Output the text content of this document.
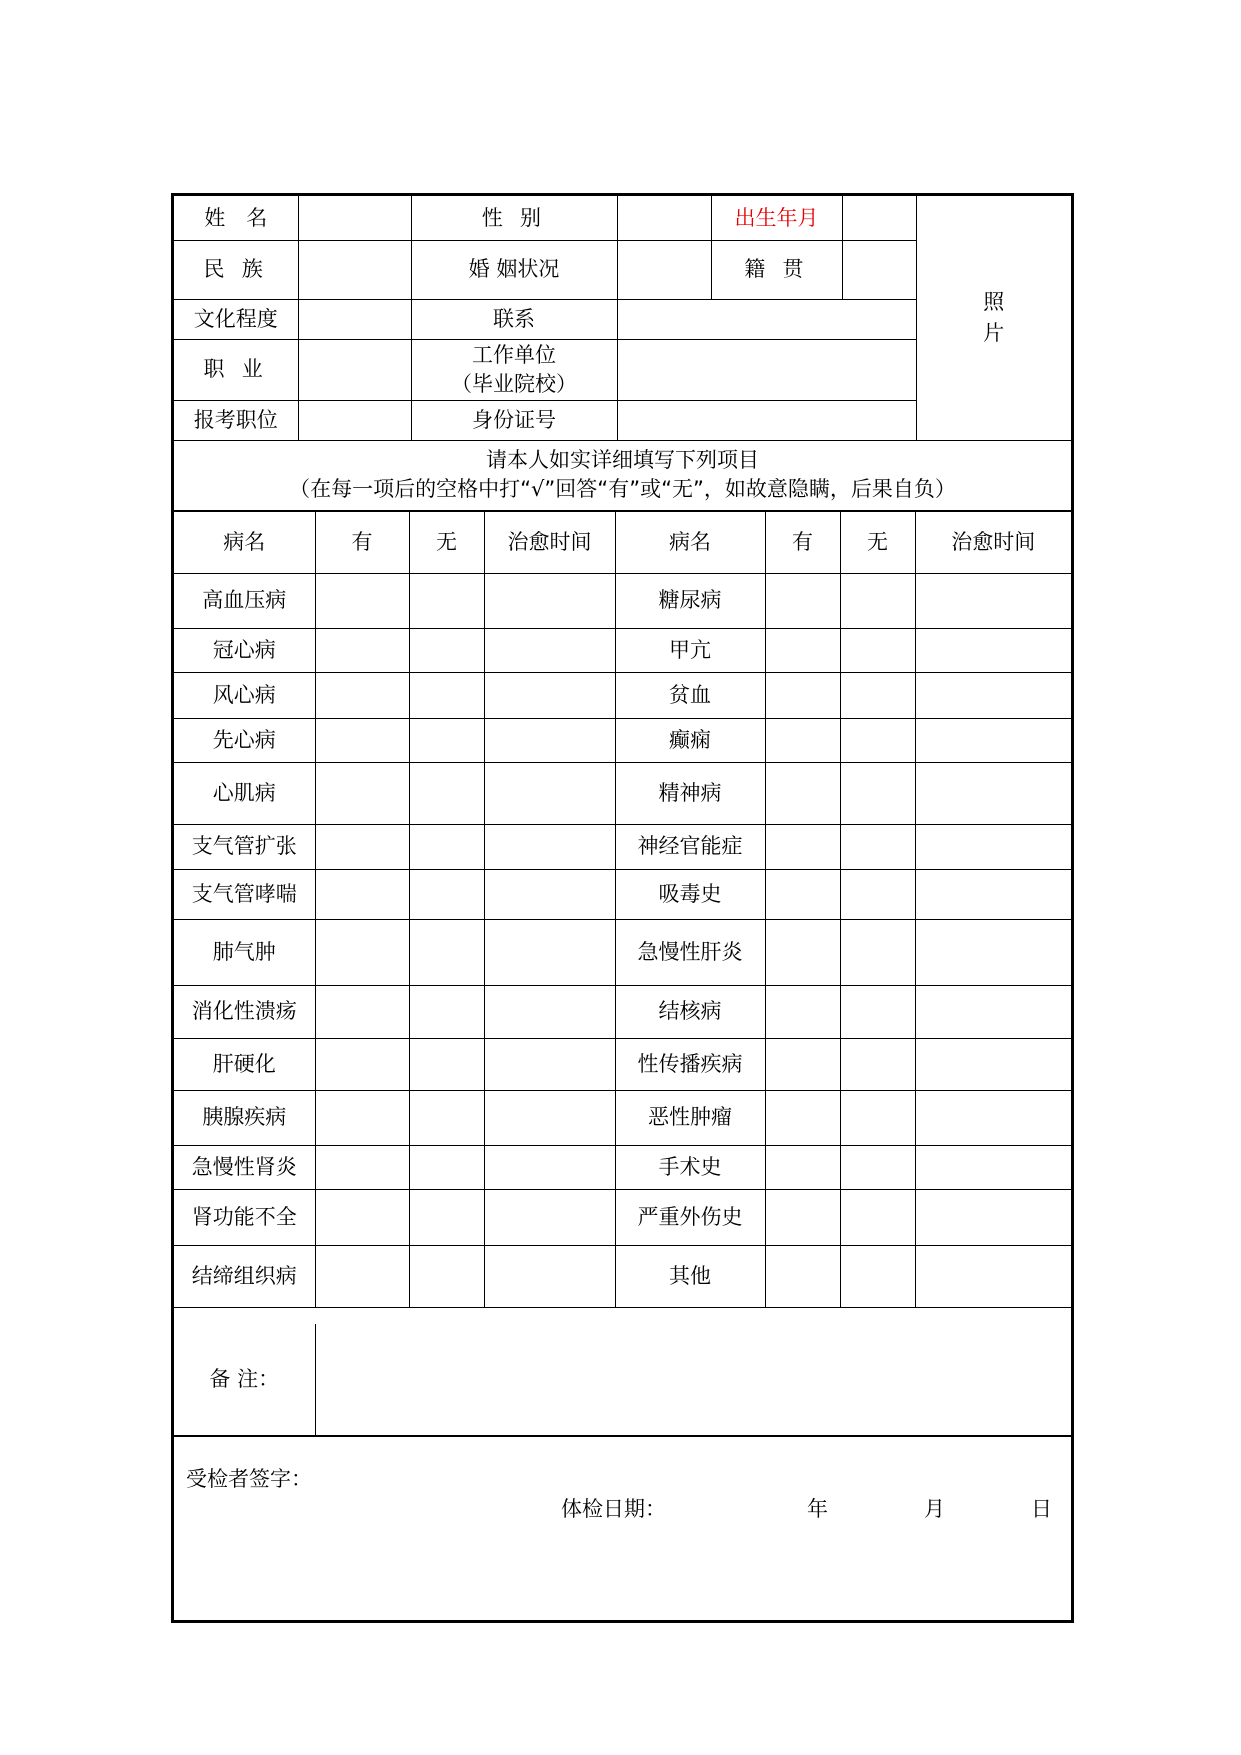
姓　名		性 别		出生年月		照
片
民 族		婚 姻状况		籍 贯		
文化程度		联系				
职 业		工作单位
（毕业院校）				
报考职位		身份证号				

请本人如实详细填写下列项目
（在每一项后的空格中打“√”回答“有”或“无”，如故意隐瞒，后果自负）						
病名	有	无	治愈时间	病名	有	无	治愈时间
高血压病				糖尿病			
冠心病				甲亢			
风心病				贫血			
先心病				癫痫			
心肌病				精神病			
支气管扩张				神经官能症			
支气管哮喘				吸毒史			
肺气肿				急慢性肝炎			
消化性溃疡				结核病			
肝硬化				性传播疾病			
胰腺疾病				恶性肿瘤			
急慢性肾炎				手术史			
肾功能不全				严重外伤史			
结缔组织病				其他			
备 注：	
受检者签字：
体检日期：	年	月	日
